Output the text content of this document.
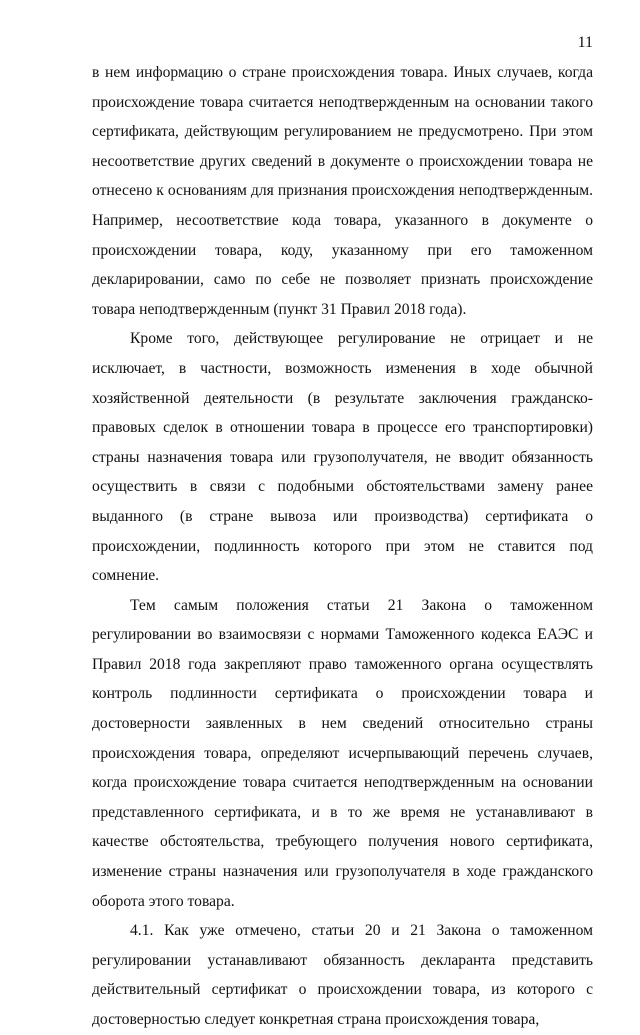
11

в нем информацию о стране происхождения товара. Иных случаев, когда происхождение товара считается неподтвержденным на основании такого сертификата, действующим регулированием не предусмотрено. При этом несоответствие других сведений в документе о происхождении товара не отнесено к основаниям для признания происхождения неподтвержденным. Например, несоответствие кода товара, указанного в документе о происхождении товара, коду, указанному при его таможенном декларировании, само по себе не позволяет признать происхождение товара неподтвержденным (пункт 31 Правил 2018 года).

Кроме того, действующее регулирование не отрицает и не исключает, в частности, возможность изменения в ходе обычной хозяйственной деятельности (в результате заключения гражданско-правовых сделок в отношении товара в процессе его транспортировки) страны назначения товара или грузополучателя, не вводит обязанность осуществить в связи с подобными обстоятельствами замену ранее выданного (в стране вывоза или производства) сертификата о происхождении, подлинность которого при этом не ставится под сомнение.

Тем самым положения статьи 21 Закона о таможенном регулировании во взаимосвязи с нормами Таможенного кодекса ЕАЭС и Правил 2018 года закрепляют право таможенного органа осуществлять контроль подлинности сертификата о происхождении товара и достоверности заявленных в нем сведений относительно страны происхождения товара, определяют исчерпывающий перечень случаев, когда происхождение товара считается неподтвержденным на основании представленного сертификата, и в то же время не устанавливают в качестве обстоятельства, требующего получения нового сертификата, изменение страны назначения или грузополучателя в ходе гражданского оборота этого товара.

4.1. Как уже отмечено, статьи 20 и 21 Закона о таможенном регулировании устанавливают обязанность декларанта представить действительный сертификат о происхождении товара, из которого с достоверностью следует конкретная страна происхождения товара,
